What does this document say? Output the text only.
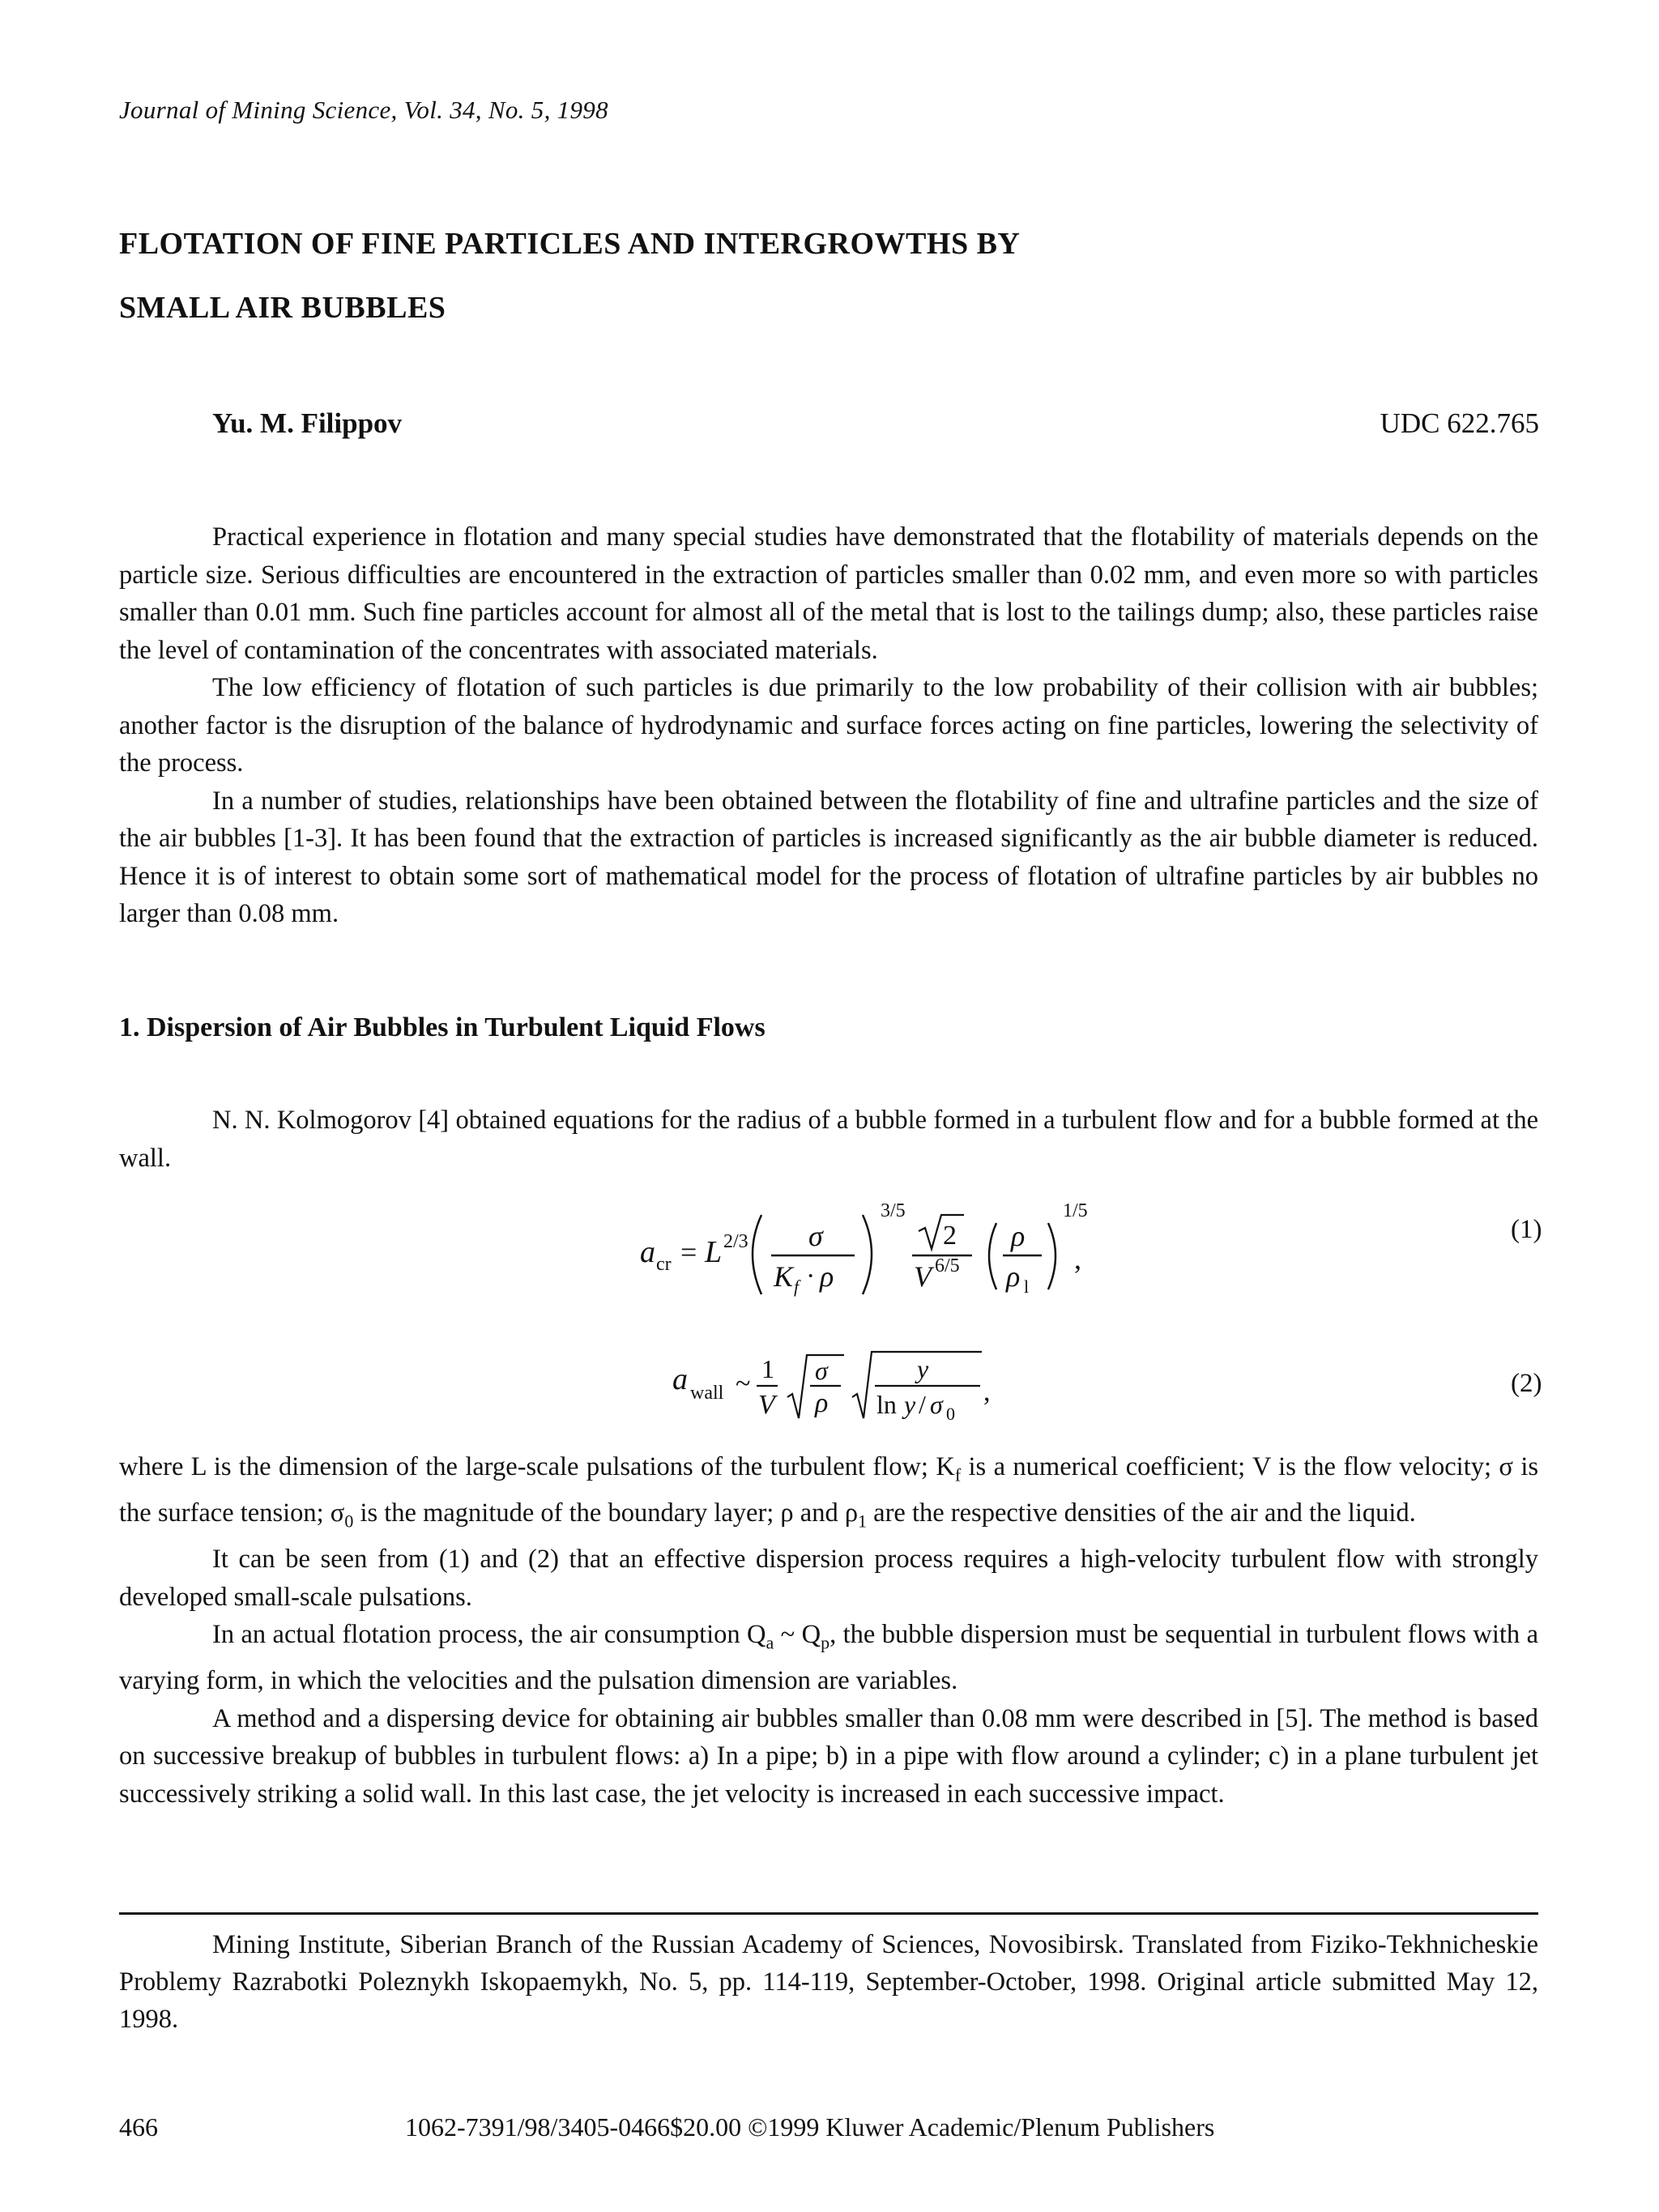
Journal of Mining Science, Vol. 34, No. 5, 1998
FLOTATION OF FINE PARTICLES AND INTERGROWTHS BY
SMALL AIR BUBBLES
Yu. M. Filippov	UDC 622.765

Practical experience in flotation and many special studies have demonstrated that the flotability of materials depends on the particle size. Serious difficulties are encountered in the extraction of particles smaller than 0.02 mm, and even more so with particles smaller than 0.01 mm. Such fine particles account for almost all of the metal that is lost to the tailings dump; also, these particles raise the level of contamination of the concentrates with associated materials.

The low efficiency of flotation of such particles is due primarily to the low probability of their collision with air bubbles; another factor is the disruption of the balance of hydrodynamic and surface forces acting on fine particles, lowering the selectivity of the process.

In a number of studies, relationships have been obtained between the flotability of fine and ultrafine particles and the size of the air bubbles [1-3]. It has been found that the extraction of particles is increased significantly as the air bubble diameter is reduced. Hence it is of interest to obtain some sort of mathematical model for the process of flotation of ultrafine particles by air bubbles no larger than 0.08 mm.

1. Dispersion of Air Bubbles in Turbulent Liquid Flows

N. N. Kolmogorov [4] obtained equations for the radius of a bubble formed in a turbulent flow and for a bubble formed at the wall.

a cr = L 2/3 σ
K f · ρ
3/5
2
V 6/5
ρ
ρ l
1/5
,
(1)
a wall ~ 1
V
σ
ρ
y
ln y / σ 0
,	(2)

where L is the dimension of the large-scale pulsations of the turbulent flow; $K_f$ is a numerical coefficient; V is the flow velocity; σ is the surface tension; $\sigma_0$ is the magnitude of the boundary layer; ρ and $\rho_1$ are the respective densities of the air and the liquid.

It can be seen from (1) and (2) that an effective dispersion process requires a high-velocity turbulent flow with strongly developed small-scale pulsations.

In an actual flotation process, the air consumption $Q_a$ ~ $Q_p$, the bubble dispersion must be sequential in turbulent flows with a varying form, in which the velocities and the pulsation dimension are variables.

A method and a dispersing device for obtaining air bubbles smaller than 0.08 mm were described in [5]. The method is based on successive breakup of bubbles in turbulent flows: a) In a pipe; b) in a pipe with flow around a cylinder; c) in a plane turbulent jet successively striking a solid wall. In this last case, the jet velocity is increased in each successive impact.

Mining Institute, Siberian Branch of the Russian Academy of Sciences, Novosibirsk. Translated from Fiziko-Tekhnicheskie Problemy Razrabotki Poleznykh Iskopaemykh, No. 5, pp. 114-119, September-October, 1998. Original article submitted May 12, 1998.

466	1062-7391/98/3405-0466$20.00 ©1999 Kluwer Academic/Plenum Publishers
